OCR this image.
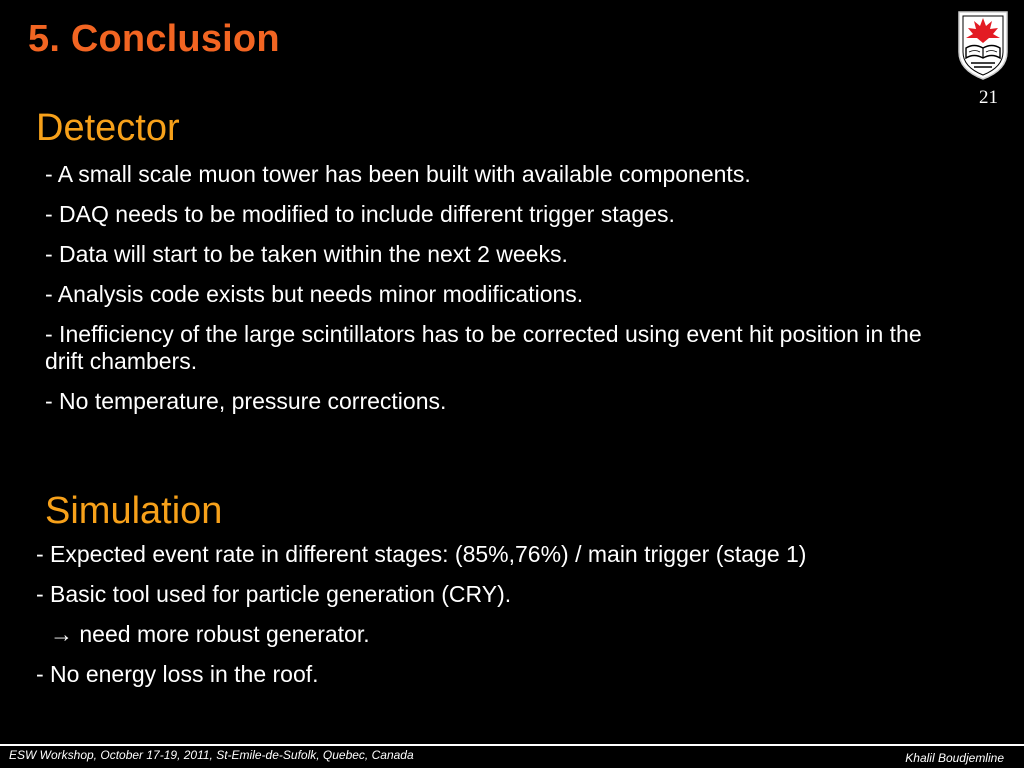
5. Conclusion
21
Detector
- A small scale muon tower has been built with available components.
- DAQ needs to be modified to include different trigger stages.
- Data will start to be taken within the next 2 weeks.
- Analysis code exists but needs minor modifications.
- Inefficiency of the large scintillators has to be corrected using event hit position in the drift chambers.
- No temperature, pressure corrections.
Simulation
- Expected event rate in different stages: (85%,76%) / main trigger (stage 1)
- Basic tool used for particle generation (CRY).
→ need more robust generator.
- No energy loss in the roof.
ESW Workshop, October 17-19, 2011, St-Emile-de-Sufolk, Quebec, Canada	Khalil Boudjemline
